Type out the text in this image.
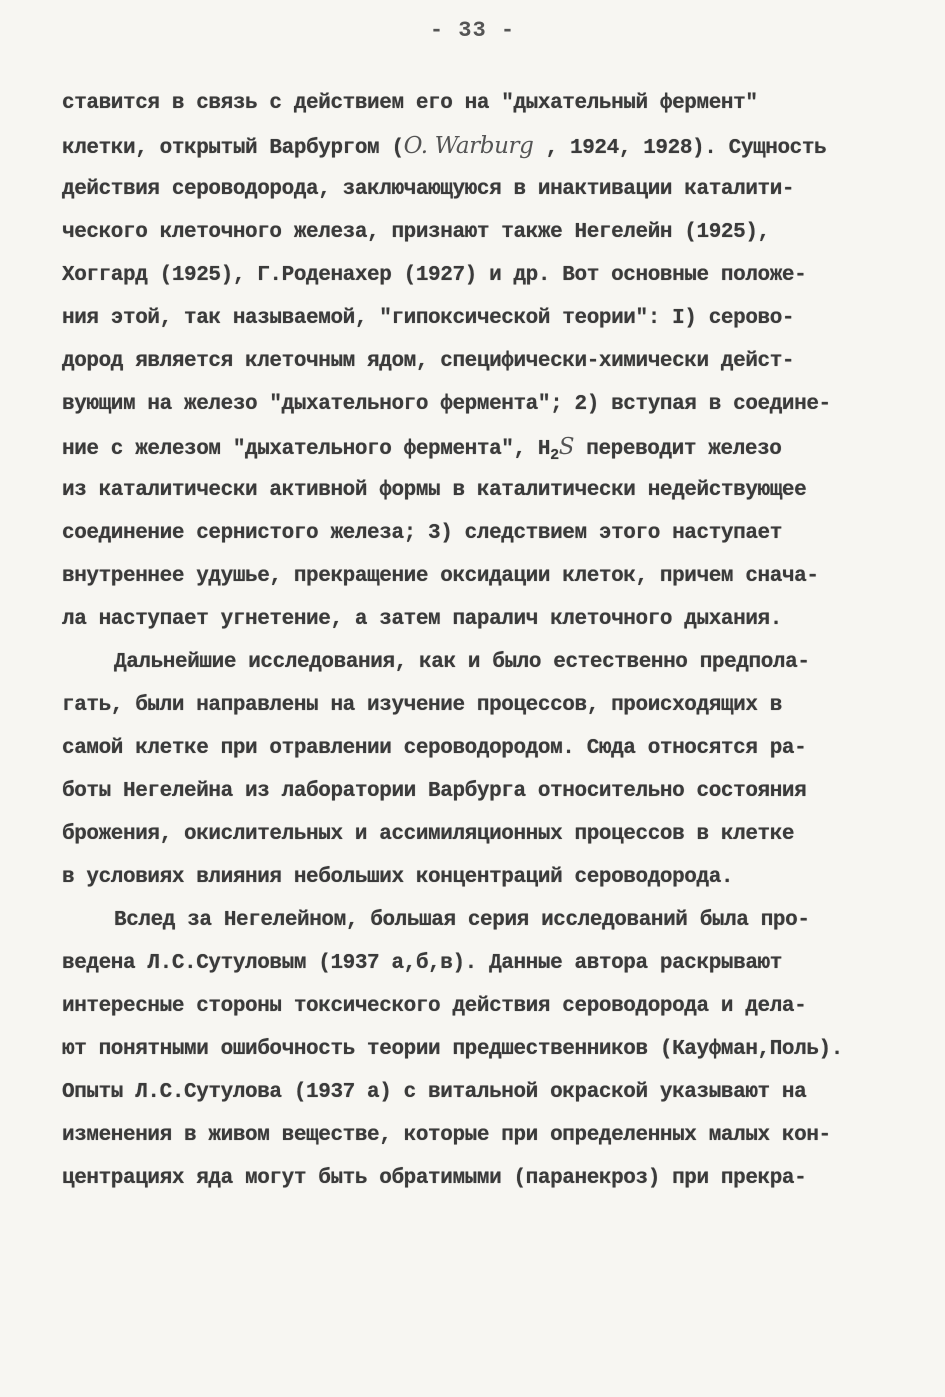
- 33 -
ставится в связь с действием его на "дыхательный фермент"
клетки, открытый Варбургом (O. Warburg , 1924, 1928). Сущность
действия сероводорода, заключающуюся в инактивации каталити-
ческого клеточного железа, признают также Негелейн (1925),
Хоггард (1925), Г.Роденахер (1927) и др. Вот основные положе-
ния этой, так называемой, "гипоксической теории": I) серово-
дород является клеточным ядом, специфически-химически дейст-
вующим на железо "дыхательного фермента"; 2) вступая в соедине-
ние с железом "дыхательного фермента", $H_2S$ переводит железо
из каталитически активной формы в каталитически недействующее
соединение сернистого железа; 3) следствием этого наступает
внутреннее удушье, прекращение оксидации клеток, причем снача-
ла наступает угнетение, а затем паралич клеточного дыхания.
Дальнейшие исследования, как и было естественно предпола-
гать, были направлены на изучение процессов, происходящих в
самой клетке при отравлении сероводородом. Сюда относятся ра-
боты Негелейна из лаборатории Варбурга относительно состояния
брожения, окислительных и ассимиляционных процессов в клетке
в условиях влияния небольших концентраций сероводорода.
Вслед за Негелейном, большая серия исследований была про-
ведена Л.С.Сутуловым (1937 а,б,в). Данные автора раскрывают
интересные стороны токсического действия сероводорода и дела-
ют понятными ошибочность теории предшественников (Кауфман,Поль).
Опыты Л.С.Сутулова (1937 а) с витальной окраской указывают на
изменения в живом веществе, которые при определенных малых кон-
центрациях яда могут быть обратимыми (паранекроз) при прекра-
